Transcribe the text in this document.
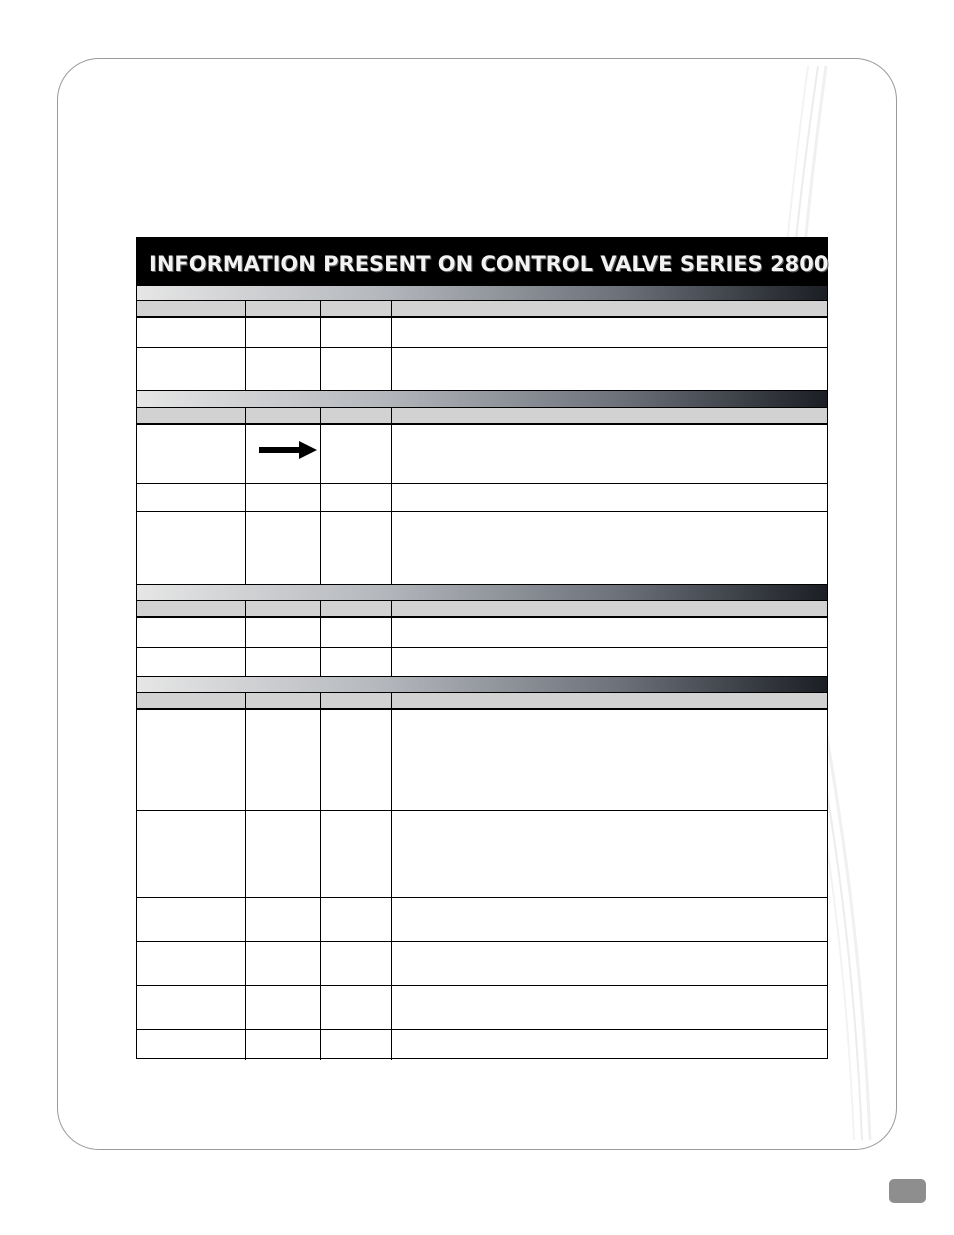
INFORMATION PRESENT ON CONTROL VALVE SERIES 2800
